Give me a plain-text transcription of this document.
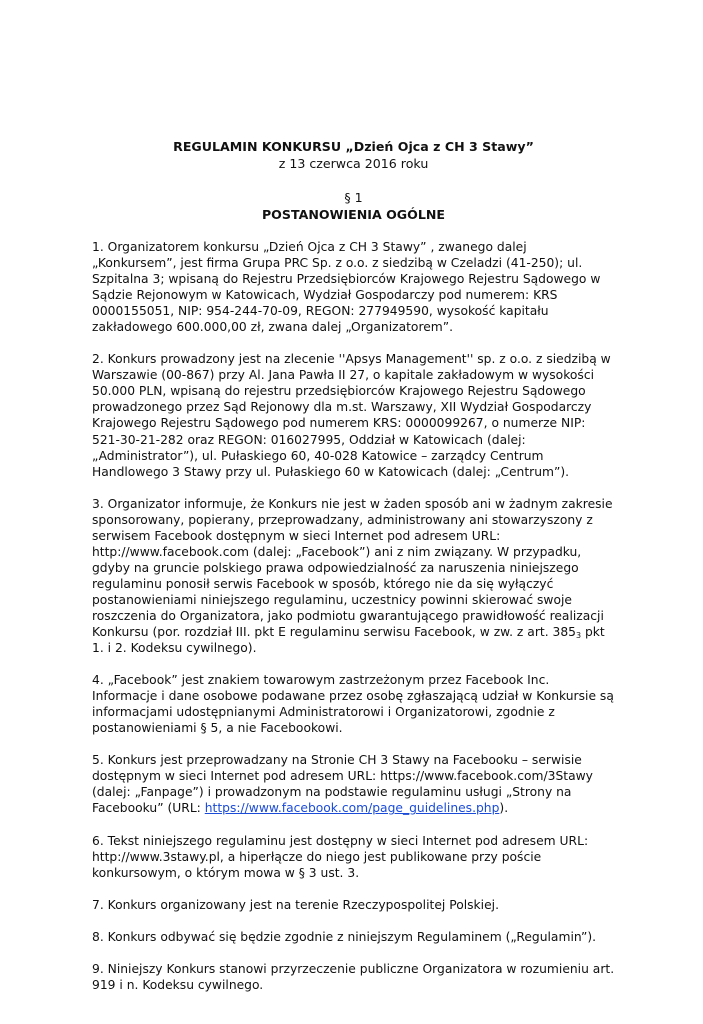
REGULAMIN KONKURSU „Dzień Ojca z CH 3 Stawy”
z 13 czerwca 2016 roku
§ 1
POSTANOWIENIA OGÓLNE

1. Organizatorem konkursu „Dzień Ojca z CH 3 Stawy” , zwanego dalej „Konkursem”, jest firma Grupa PRC Sp. z o.o. z siedzibą w Czeladzi (41-250); ul. Szpitalna 3; wpisaną do Rejestru Przedsiębiorców Krajowego Rejestru Sądowego w Sądzie Rejonowym w Katowicach, Wydział Gospodarczy pod numerem: KRS 0000155051, NIP: 954-244-70-09, REGON: 277949590, wysokość kapitału zakładowego 600.000,00 zł, zwana dalej „Organizatorem”.

2. Konkurs prowadzony jest na zlecenie ''Apsys Management'' sp. z o.o. z siedzibą w Warszawie (00-867) przy Al. Jana Pawła II 27, o kapitale zakładowym w wysokości 50.000 PLN, wpisaną do rejestru przedsiębiorców Krajowego Rejestru Sądowego prowadzonego przez Sąd Rejonowy dla m.st. Warszawy, XII Wydział Gospodarczy Krajowego Rejestru Sądowego pod numerem KRS: 0000099267, o numerze NIP: 521-30-21-282 oraz REGON: 016027995, Oddział w Katowicach (dalej: „Administrator”), ul. Pułaskiego 60, 40-028 Katowice – zarządcy Centrum Handlowego 3 Stawy przy ul. Pułaskiego 60 w Katowicach (dalej: „Centrum”).

3. Organizator informuje, że Konkurs nie jest w żaden sposób ani w żadnym zakresie sponsorowany, popierany, przeprowadzany, administrowany ani stowarzyszony z serwisem Facebook dostępnym w sieci Internet pod adresem URL: http://www.facebook.com (dalej: „Facebook”) ani z nim związany. W przypadku, gdyby na gruncie polskiego prawa odpowiedzialność za naruszenia niniejszego regulaminu ponosił serwis Facebook w sposób, którego nie da się wyłączyć postanowieniami niniejszego regulaminu, uczestnicy powinni skierować swoje roszczenia do Organizatora, jako podmiotu gwarantującego prawidłowość realizacji Konkursu (por. rozdział III. pkt E regulaminu serwisu Facebook, w zw. z art. $385_3$ pkt 1. i 2. Kodeksu cywilnego).

4. „Facebook” jest znakiem towarowym zastrzeżonym przez Facebook Inc. Informacje i dane osobowe podawane przez osobę zgłaszającą udział w Konkursie są informacjami udostępnianymi Administratorowi i Organizatorowi, zgodnie z postanowieniami § 5, a nie Facebookowi.

5. Konkurs jest przeprowadzany na Stronie CH 3 Stawy na Facebooku – serwisie dostępnym w sieci Internet pod adresem URL: https://www.facebook.com/3Stawy (dalej: „Fanpage”) i prowadzonym na podstawie regulaminu usługi „Strony na Facebooku” (URL: https://www.facebook.com/page_guidelines.php).

6. Tekst niniejszego regulaminu jest dostępny w sieci Internet pod adresem URL: http://www.3stawy.pl, a hiperłącze do niego jest publikowane przy poście konkursowym, o którym mowa w § 3 ust. 3.

7. Konkurs organizowany jest na terenie Rzeczypospolitej Polskiej.

8. Konkurs odbywać się będzie zgodnie z niniejszym Regulaminem („Regulamin”).

9. Niniejszy Konkurs stanowi przyrzeczenie publiczne Organizatora w rozumieniu art. 919 i n. Kodeksu cywilnego.
